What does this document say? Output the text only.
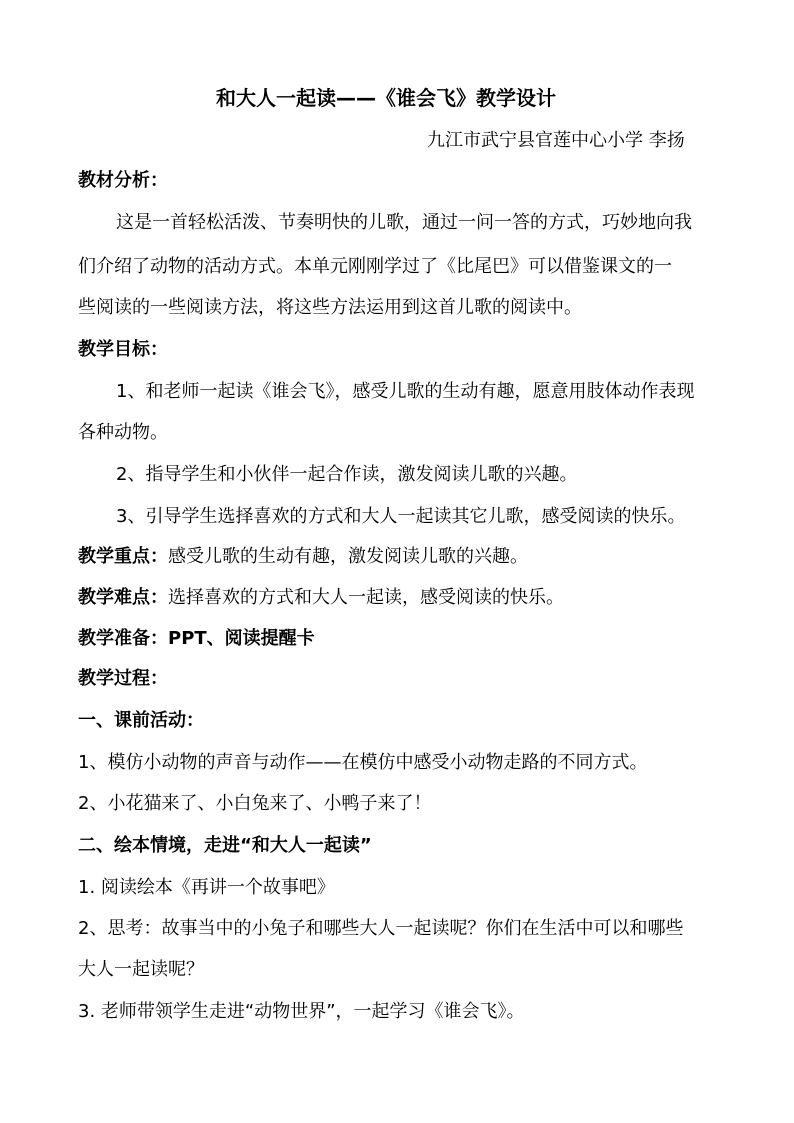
和大人一起读——《谁会飞》教学设计
九江市武宁县官莲中心小学 李扬
教材分析：
这是一首轻松活泼、节奏明快的儿歌，通过一问一答的方式，巧妙地向我
们介绍了动物的活动方式。本单元刚刚学过了《比尾巴》可以借鉴课文的一
些阅读的一些阅读方法，将这些方法运用到这首儿歌的阅读中。
教学目标：
1、和老师一起读《谁会飞》，感受儿歌的生动有趣，愿意用肢体动作表现
各种动物。
2、指导学生和小伙伴一起合作读，激发阅读儿歌的兴趣。
3、引导学生选择喜欢的方式和大人一起读其它儿歌，感受阅读的快乐。
教学重点：感受儿歌的生动有趣，激发阅读儿歌的兴趣。
教学难点：选择喜欢的方式和大人一起读，感受阅读的快乐。
教学准备：PPT、阅读提醒卡
教学过程：
一、课前活动：
1、模仿小动物的声音与动作——在模仿中感受小动物走路的不同方式。
2、小花猫来了、小白兔来了、小鸭子来了！
二、绘本情境，走进“和大人一起读”
1. 阅读绘本《再讲一个故事吧》
2、思考：故事当中的小兔子和哪些大人一起读呢？你们在生活中可以和哪些
大人一起读呢？
3. 老师带领学生走进“动物世界”，一起学习《谁会飞》。
